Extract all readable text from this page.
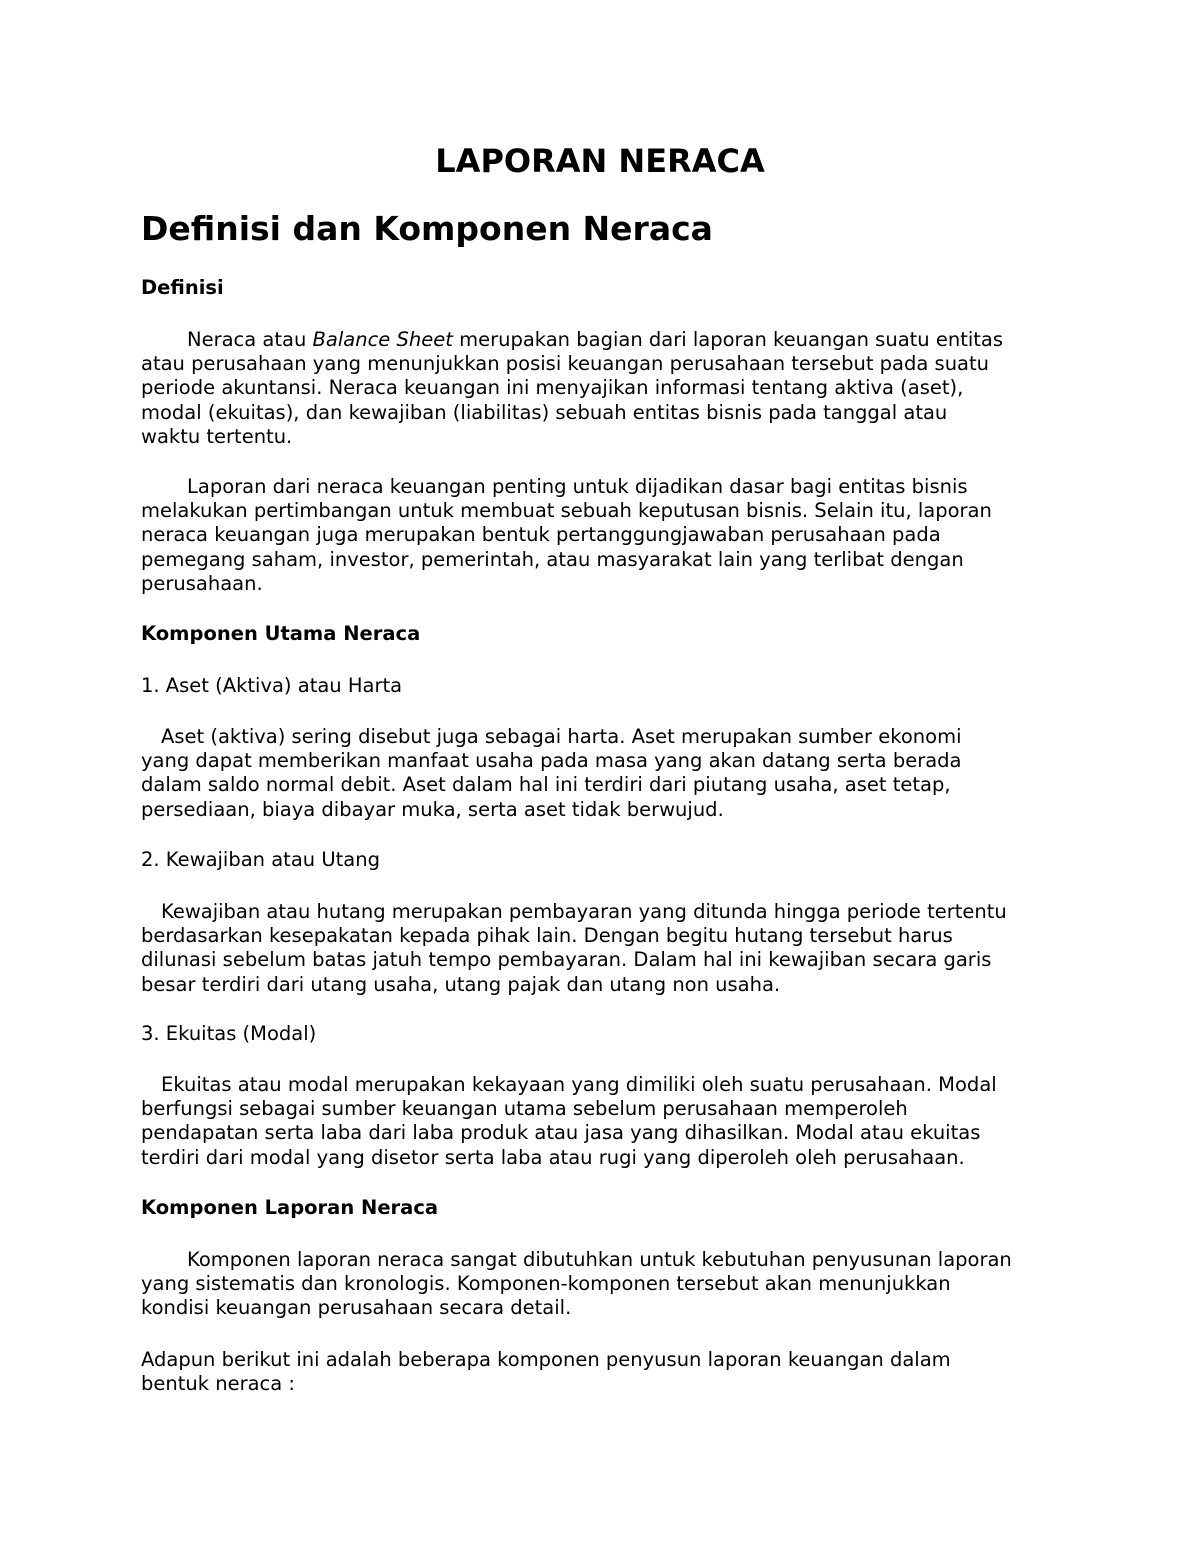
LAPORAN NERACA
Definisi dan Komponen Neraca
Definisi

Neraca atau Balance Sheet merupakan bagian dari laporan keuangan suatu entitas
atau perusahaan yang menunjukkan posisi keuangan perusahaan tersebut pada suatu
periode akuntansi. Neraca keuangan ini menyajikan informasi tentang aktiva (aset),
modal (ekuitas), dan kewajiban (liabilitas) sebuah entitas bisnis pada tanggal atau
waktu tertentu.

Laporan dari neraca keuangan penting untuk dijadikan dasar bagi entitas bisnis
melakukan pertimbangan untuk membuat sebuah keputusan bisnis. Selain itu, laporan
neraca keuangan juga merupakan bentuk pertanggungjawaban perusahaan pada
pemegang saham, investor, pemerintah, atau masyarakat lain yang terlibat dengan
perusahaan.

Komponen Utama Neraca

1. Aset (Aktiva) atau Harta

Aset (aktiva) sering disebut juga sebagai harta. Aset merupakan sumber ekonomi
yang dapat memberikan manfaat usaha pada masa yang akan datang serta berada
dalam saldo normal debit. Aset dalam hal ini terdiri dari piutang usaha, aset tetap,
persediaan, biaya dibayar muka, serta aset tidak berwujud.

2. Kewajiban atau Utang

Kewajiban atau hutang merupakan pembayaran yang ditunda hingga periode tertentu
berdasarkan kesepakatan kepada pihak lain. Dengan begitu hutang tersebut harus
dilunasi sebelum batas jatuh tempo pembayaran. Dalam hal ini kewajiban secara garis
besar terdiri dari utang usaha, utang pajak dan utang non usaha.

3. Ekuitas (Modal)

Ekuitas atau modal merupakan kekayaan yang dimiliki oleh suatu perusahaan. Modal
berfungsi sebagai sumber keuangan utama sebelum perusahaan memperoleh
pendapatan serta laba dari laba produk atau jasa yang dihasilkan. Modal atau ekuitas
terdiri dari modal yang disetor serta laba atau rugi yang diperoleh oleh perusahaan.

Komponen Laporan Neraca

Komponen laporan neraca sangat dibutuhkan untuk kebutuhan penyusunan laporan
yang sistematis dan kronologis. Komponen-komponen tersebut akan menunjukkan
kondisi keuangan perusahaan secara detail.

Adapun berikut ini adalah beberapa komponen penyusun laporan keuangan dalam
bentuk neraca :
